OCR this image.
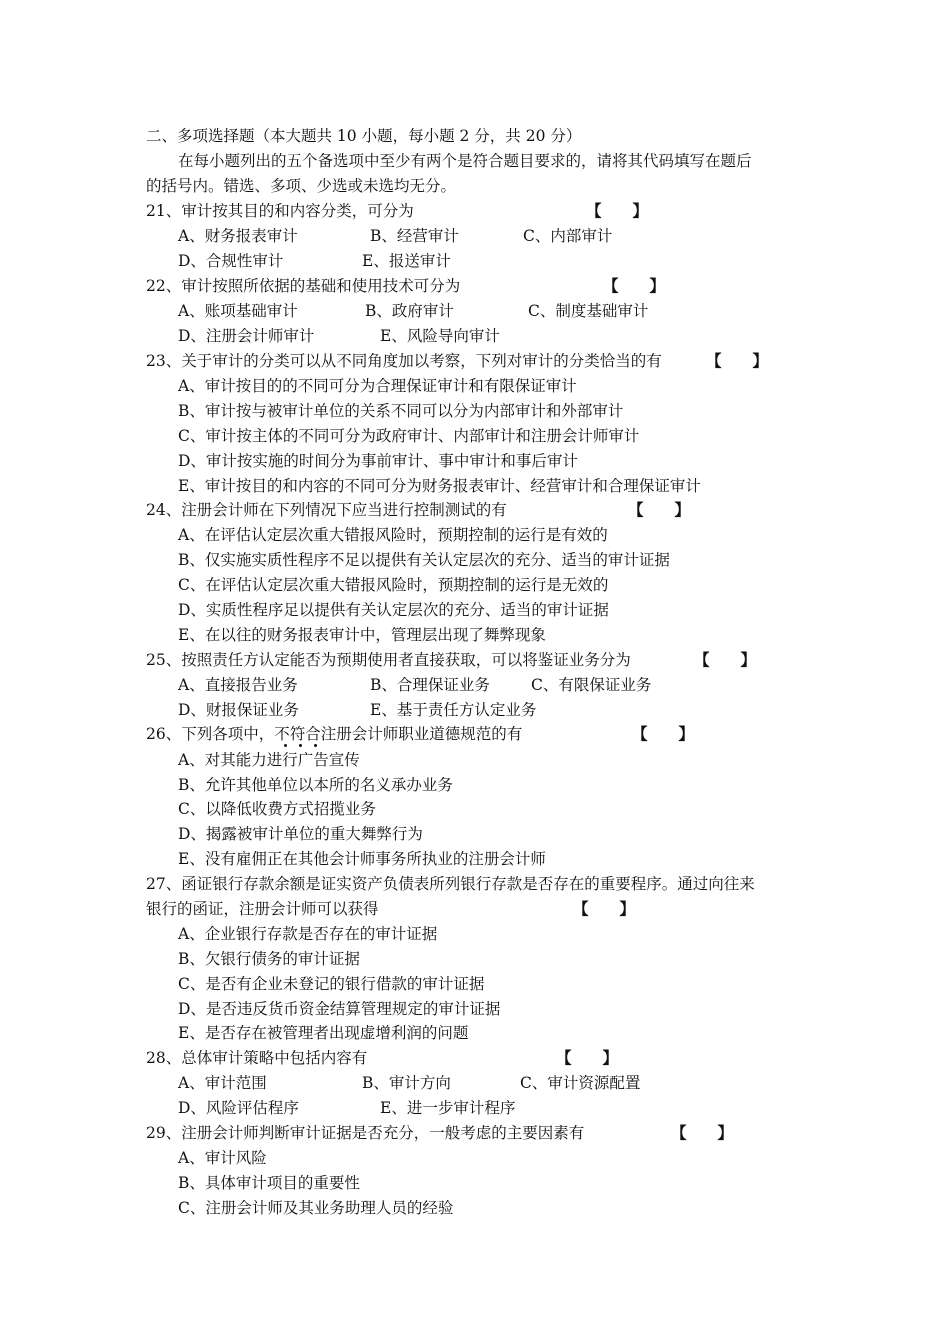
二、多项选择题（本大题共 10 小题，每小题 2 分，共 20 分）
在每小题列出的五个备选项中至少有两个是符合题目要求的，请将其代码填写在题后
的括号内。错选、多项、少选或未选均无分。
21、审计按其目的和内容分类，可分为	【　　】
A、财务报表审计	B、经营审计	C、内部审计
D、合规性审计	E、报送审计
22、审计按照所依据的基础和使用技术可分为	【　　】
A、账项基础审计	B、政府审计	C、制度基础审计
D、注册会计师审计	E、风险导向审计
23、关于审计的分类可以从不同角度加以考察，下列对审计的分类恰当的有	【　　】
A、审计按目的的不同可分为合理保证审计和有限保证审计
B、审计按与被审计单位的关系不同可以分为内部审计和外部审计
C、审计按主体的不同可分为政府审计、内部审计和注册会计师审计
D、审计按实施的时间分为事前审计、事中审计和事后审计
E、审计按目的和内容的不同可分为财务报表审计、经营审计和合理保证审计
24、注册会计师在下列情况下应当进行控制测试的有	【　　】
A、在评估认定层次重大错报风险时，预期控制的运行是有效的
B、仅实施实质性程序不足以提供有关认定层次的充分、适当的审计证据
C、在评估认定层次重大错报风险时，预期控制的运行是无效的
D、实质性程序足以提供有关认定层次的充分、适当的审计证据
E、在以往的财务报表审计中，管理层出现了舞弊现象
25、按照责任方认定能否为预期使用者直接获取，可以将鉴证业务分为	【　　】
A、直接报告业务	B、合理保证业务	C、有限保证业务
D、财报保证业务	E、基于责任方认定业务
26、下列各项中，不符合注册会计师职业道德规范的有	【　　】
A、对其能力进行广告宣传
B、允许其他单位以本所的名义承办业务
C、以降低收费方式招揽业务
D、揭露被审计单位的重大舞弊行为
E、没有雇佣正在其他会计师事务所执业的注册会计师
27、函证银行存款余额是证实资产负债表所列银行存款是否存在的重要程序。通过向往来
银行的函证，注册会计师可以获得	【　　】
A、企业银行存款是否存在的审计证据
B、欠银行债务的审计证据
C、是否有企业未登记的银行借款的审计证据
D、是否违反货币资金结算管理规定的审计证据
E、是否存在被管理者出现虚增利润的问题
28、总体审计策略中包括内容有	【　　】
A、审计范围	B、审计方向	C、审计资源配置
D、风险评估程序	E、进一步审计程序
29、注册会计师判断审计证据是否充分，一般考虑的主要因素有	【　　】
A、审计风险
B、具体审计项目的重要性
C、注册会计师及其业务助理人员的经验
